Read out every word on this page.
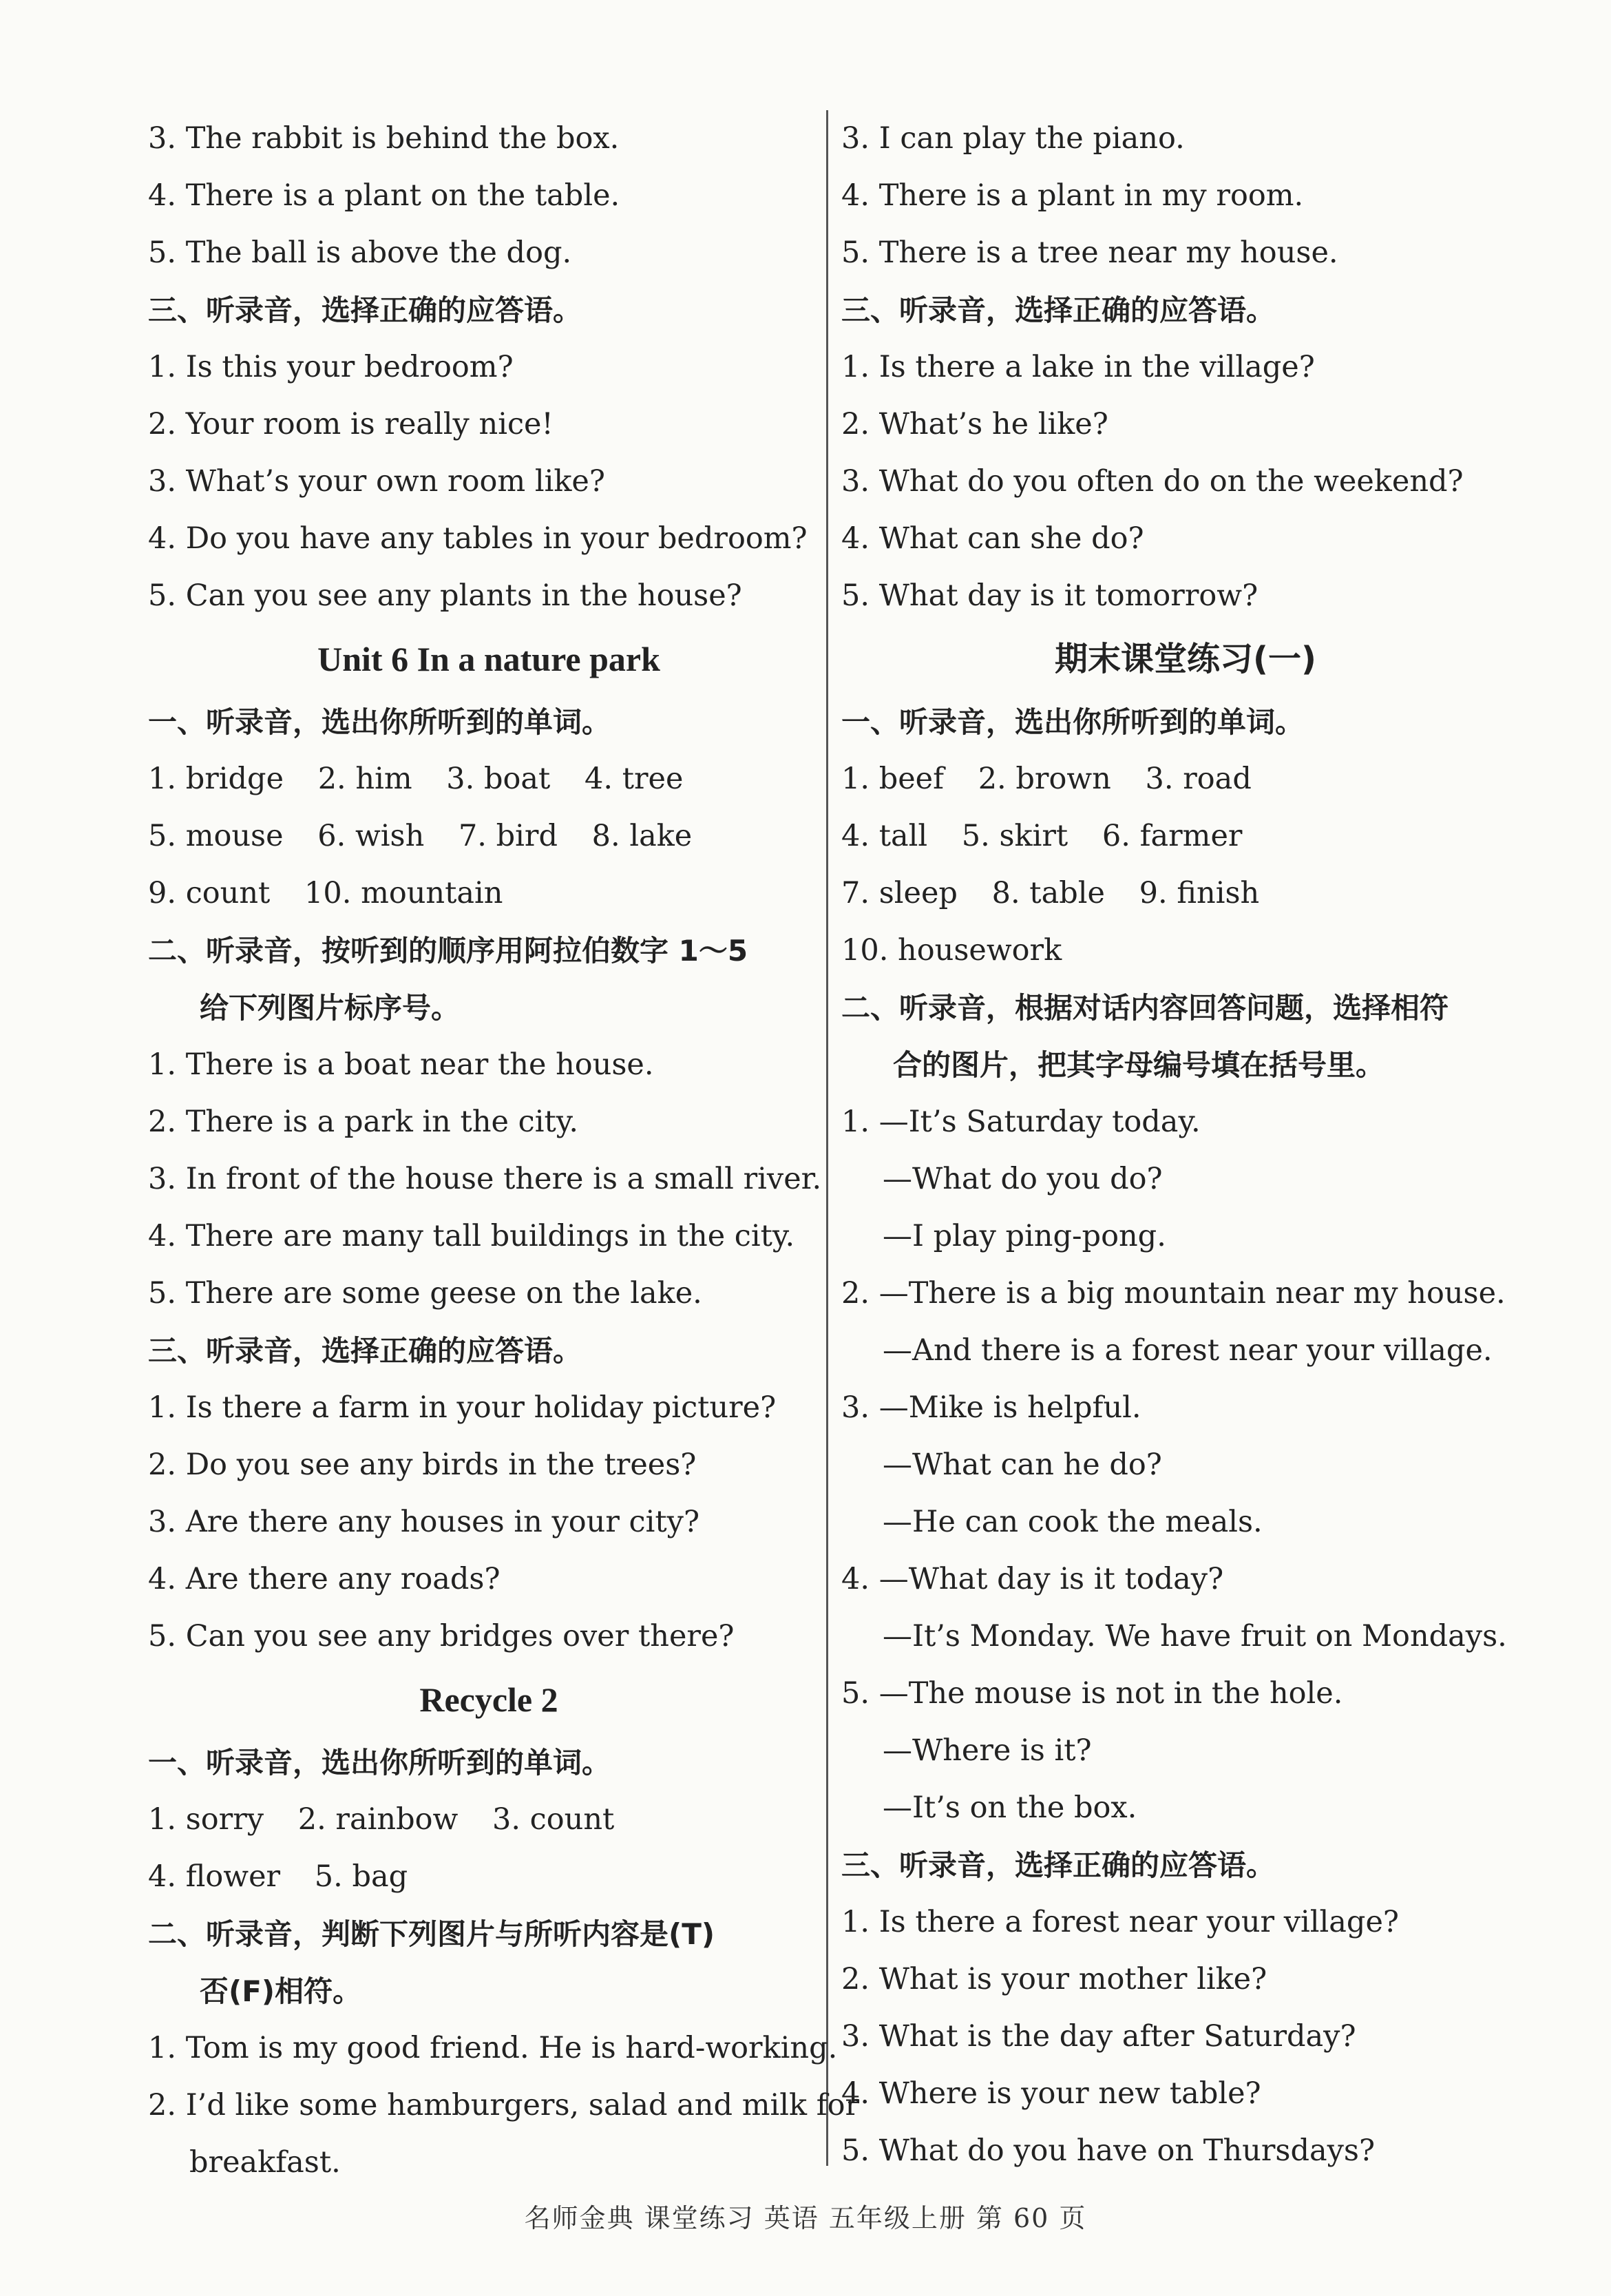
3. The rabbit is behind the box.
4. There is a plant on the table.
5. The ball is above the dog.
三、听录音，选择正确的应答语。
1. Is this your bedroom?
2. Your room is really nice!
3. What’s your own room like?
4. Do you have any tables in your bedroom?
5. Can you see any plants in the house?
Unit 6 In a nature park
一、听录音，选出你所听到的单词。
1. bridge 2. him 3. boat 4. tree
5. mouse 6. wish 7. bird 8. lake
9. count 10. mountain
二、听录音，按听到的顺序用阿拉伯数字 1～5
给下列图片标序号。
1. There is a boat near the house.
2. There is a park in the city.
3. In front of the house there is a small river.
4. There are many tall buildings in the city.
5. There are some geese on the lake.
三、听录音，选择正确的应答语。
1. Is there a farm in your holiday picture?
2. Do you see any birds in the trees?
3. Are there any houses in your city?
4. Are there any roads?
5. Can you see any bridges over there?
Recycle 2
一、听录音，选出你所听到的单词。
1. sorry 2. rainbow 3. count
4. flower 5. bag
二、听录音，判断下列图片与所听内容是(T)
否(F)相符。
1. Tom is my good friend. He is hard-working.
2. I’d like some hamburgers, salad and milk for
breakfast.
3. I can play the piano.
4. There is a plant in my room.
5. There is a tree near my house.
三、听录音，选择正确的应答语。
1. Is there a lake in the village?
2. What’s he like?
3. What do you often do on the weekend?
4. What can she do?
5. What day is it tomorrow?
期末课堂练习(一)
一、听录音，选出你所听到的单词。
1. beef 2. brown 3. road
4. tall 5. skirt 6. farmer
7. sleep 8. table 9. finish
10. housework
二、听录音，根据对话内容回答问题，选择相符
合的图片，把其字母编号填在括号里。
1. —It’s Saturday today.
—What do you do?
—I play ping-pong.
2. —There is a big mountain near my house.
—And there is a forest near your village.
3. —Mike is helpful.
—What can he do?
—He can cook the meals.
4. —What day is it today?
—It’s Monday. We have fruit on Mondays.
5. —The mouse is not in the hole.
—Where is it?
—It’s on the box.
三、听录音，选择正确的应答语。
1. Is there a forest near your village?
2. What is your mother like?
3. What is the day after Saturday?
4. Where is your new table?
5. What do you have on Thursdays?
名师金典 课堂练习 英语 五年级上册 第 60 页
